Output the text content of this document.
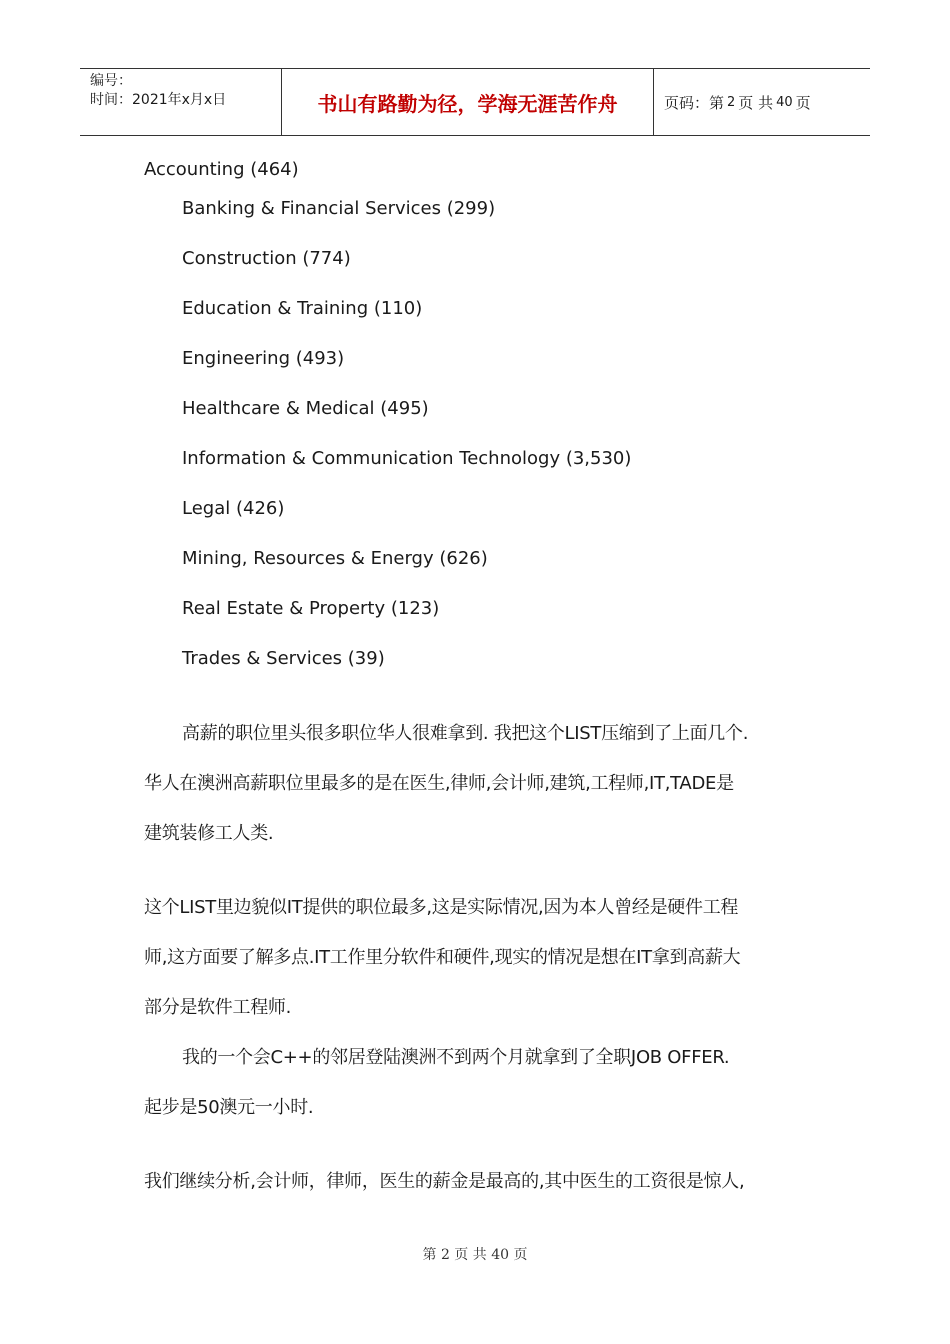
编号：
时间：2021年x月x日	书山有路勤为径，学海无涯苦作舟	页码：第 2 页 共 40 页

Accounting (464)

Banking & Financial Services (299)
Construction (774)
Education & Training (110)
Engineering (493)
Healthcare & Medical (495)
Information & Communication Technology (3,530)
Legal (426)
Mining, Resources & Energy (626)
Real Estate & Property (123)
Trades & Services (39)

高薪的职位里头很多职位华人很难拿到. 我把这个LIST压缩到了上面几个.

华人在澳洲高薪职位里最多的是在医生,律师,会计师,建筑,工程师,IT,TADE是

建筑装修工人类.

这个LIST里边貌似IT提供的职位最多,这是实际情况,因为本人曾经是硬件工程

师,这方面要了解多点.IT工作里分软件和硬件,现实的情况是想在IT拿到高薪大

部分是软件工程师.

我的一个会C++的邻居登陆澳洲不到两个月就拿到了全职JOB OFFER.

起步是50澳元一小时.

我们继续分析,会计师，律师，医生的薪金是最高的,其中医生的工资很是惊人,

第 2 页 共 40 页
